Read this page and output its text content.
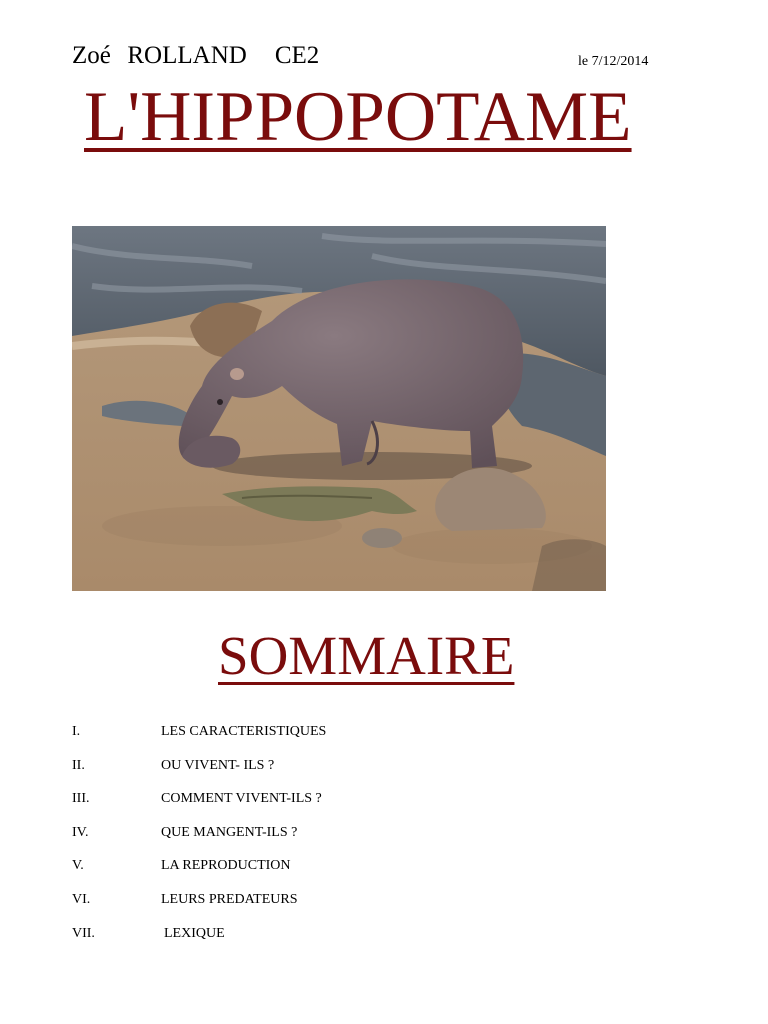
Zoé  ROLLAND CE2	le 7/12/2014
L'HIPPOPOTAME
SOMMAIRE
I.	LES CARACTERISTIQUES
II.	OU VIVENT- ILS ?
III.	COMMENT VIVENT-ILS ?
IV.	QUE MANGENT-ILS ?
V.	LA REPRODUCTION
VI.	LEURS PREDATEURS
VII.	LEXIQUE
